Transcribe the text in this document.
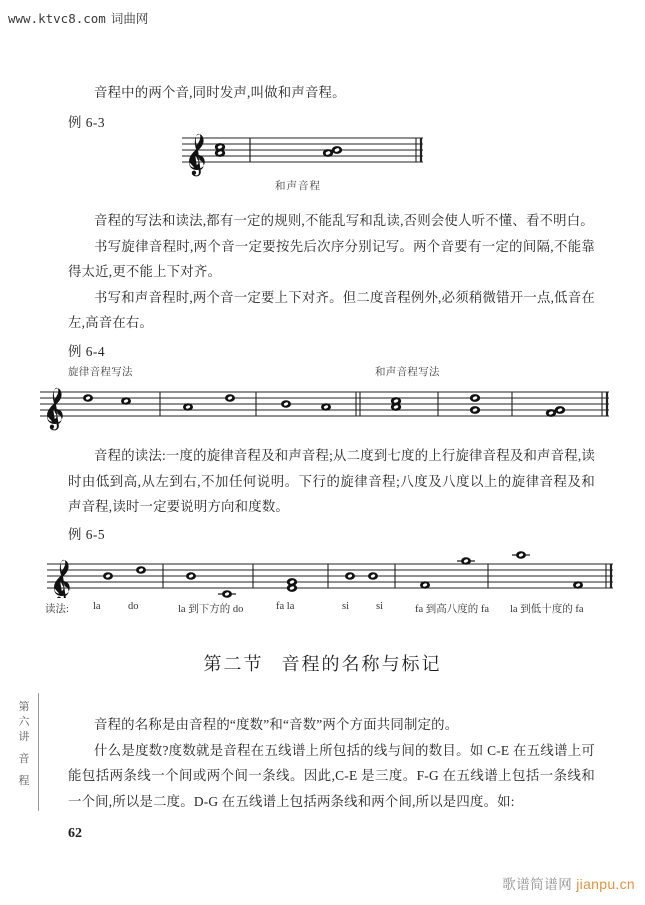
www.ktvc8.com 词曲网

音程中的两个音,同时发声,叫做和声音程。

例 6-3
和声音程

音程的写法和读法,都有一定的规则,不能乱写和乱读,否则会使人听不懂、看不明白。

书写旋律音程时,两个音一定要按先后次序分别记写。两个音要有一定的间隔,不能靠得太近,更不能上下对齐。

书写和声音程时,两个音一定要上下对齐。但二度音程例外,必须稍微错开一点,低音在左,高音在右。

例 6-4
旋律音程写法	和声音程写法

音程的读法:一度的旋律音程及和声音程;从二度到七度的上行旋律音程及和声音程,读时由低到高,从左到右,不加任何说明。下行的旋律音程;八度及八度以上的旋律音程及和声音程,读时一定要说明方向和度数。

例 6-5
读法: la	do	la 到下方的 do	fa la	si	si	fa 到高八度的 fa la 到低十度的 fa
第二节 音程的名称与标记

音程的名称是由音程的“度数”和“音数”两个方面共同制定的。

什么是度数?度数就是音程在五线谱上所包括的线与间的数目。如 C-E 在五线谱上可能包括两条线一个间或两个间一条线。因此,C-E 是三度。F-G 在五线谱上包括一条线和一个间,所以是二度。D-G 在五线谱上包括两条线和两个间,所以是四度。如:

第
六
讲
音
程
62
歌谱简谱网 jianpu.cn
